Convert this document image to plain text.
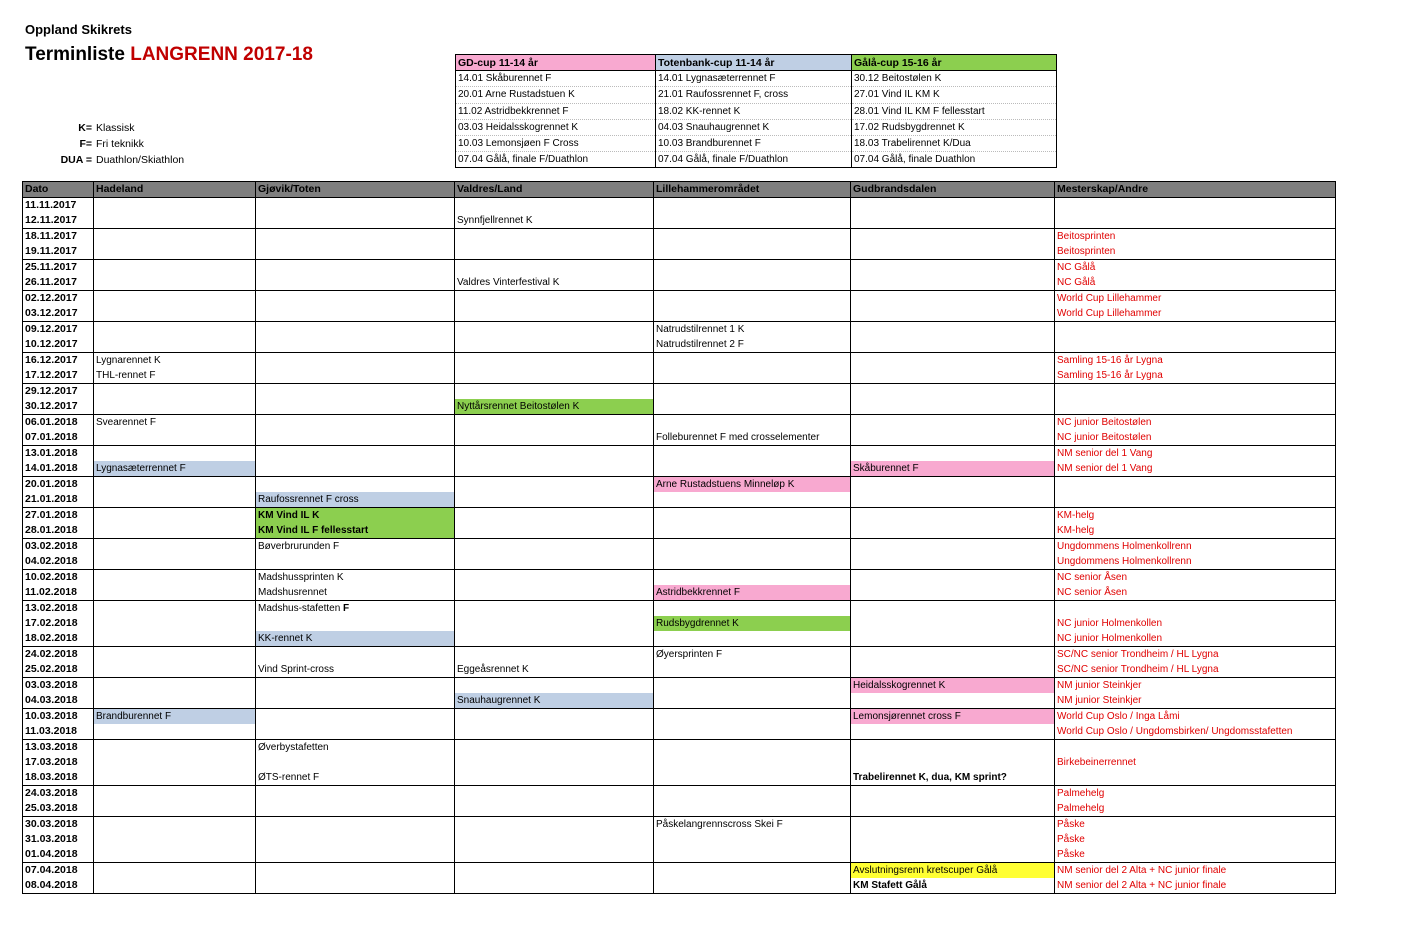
Oppland Skikrets
Terminliste LANGRENN 2017-18
K= Klassisk
F= Fri teknikk
DUA = Duathlon/Skiathlon
GD-cup 11-14 år	Totenbank-cup 11-14 år	Gålå-cup 15-16 år
14.01 Skåburennet F	14.01 Lygnasæterrennet F	30.12 Beitostølen K
20.01 Arne Rustadstuen K	21.01 Raufossrennet F, cross	27.01 Vind IL KM K
11.02 Astridbekkrennet F	18.02 KK-rennet K	28.01 Vind IL KM F fellesstart
03.03 Heidalsskogrennet K	04.03 Snauhaugrennet K	17.02 Rudsbygdrennet K
10.03 Lemonsjøen F Cross	10.03 Brandburennet F	18.03 Trabelirennet K/Dua
07.04 Gålå, finale F/Duathlon	07.04 Gålå, finale F/Duathlon	07.04 Gålå, finale Duathlon
Dato	Hadeland	Gjøvik/Toten	Valdres/Land	Lillehammerområdet	Gudbrandsdalen	Mesterskap/Andre
11.11.2017						
12.11.2017			Synnfjellrennet K			
18.11.2017						Beitosprinten
19.11.2017						Beitosprinten
25.11.2017						NC Gålå
26.11.2017			Valdres Vinterfestival K			NC Gålå
02.12.2017						World Cup Lillehammer
03.12.2017						World Cup Lillehammer
09.12.2017				Natrudstilrennet 1 K		
10.12.2017				Natrudstilrennet 2 F		
16.12.2017	Lygnarennet K					Samling 15-16 år Lygna
17.12.2017	THL-rennet F					Samling 15-16 år Lygna
29.12.2017						
30.12.2017			Nyttårsrennet Beitostølen K			
06.01.2018	Svearennet F					NC junior Beitostølen
07.01.2018				Folleburennet F med crosselementer		NC junior Beitostølen
13.01.2018						NM senior del 1 Vang
14.01.2018	Lygnasæterrennet F				Skåburennet F	NM senior del 1 Vang
20.01.2018				Arne Rustadstuens Minneløp K		
21.01.2018		Raufossrennet F cross				
27.01.2018		KM Vind IL K				KM-helg
28.01.2018		KM Vind IL F fellesstart				KM-helg
03.02.2018		Bøverbrurunden F				Ungdommens Holmenkollrenn
04.02.2018						Ungdommens Holmenkollrenn
10.02.2018		Madshussprinten K				NC senior Åsen
11.02.2018		Madshusrennet		Astridbekkrennet F		NC senior Åsen
13.02.2018		Madshus-stafetten F				
17.02.2018				Rudsbygdrennet K		NC junior Holmenkollen
18.02.2018		KK-rennet K				NC junior Holmenkollen
24.02.2018				Øyersprinten F		SC/NC senior Trondheim / HL Lygna
25.02.2018		Vind Sprint-cross	Eggeåsrennet K			SC/NC senior Trondheim / HL Lygna
03.03.2018					Heidalsskogrennet K	NM junior Steinkjer
04.03.2018			Snauhaugrennet K			NM junior Steinkjer
10.03.2018	Brandburennet F				Lemonsjørennet cross F	World Cup Oslo / Inga Låmi
11.03.2018						World Cup Oslo / Ungdomsbirken/ Ungdomsstafetten
13.03.2018		Øverbystafetten				
17.03.2018						Birkebeinerrennet
18.03.2018		ØTS-rennet F			Trabelirennet K, dua, KM sprint?	
24.03.2018						Palmehelg
25.03.2018						Palmehelg
30.03.2018				Påskelangrennscross Skei F		Påske
31.03.2018						Påske
01.04.2018						Påske
07.04.2018					Avslutningsrenn kretscuper Gålå	NM senior del 2 Alta + NC junior finale
08.04.2018					KM Stafett Gålå	NM senior del 2 Alta + NC junior finale
